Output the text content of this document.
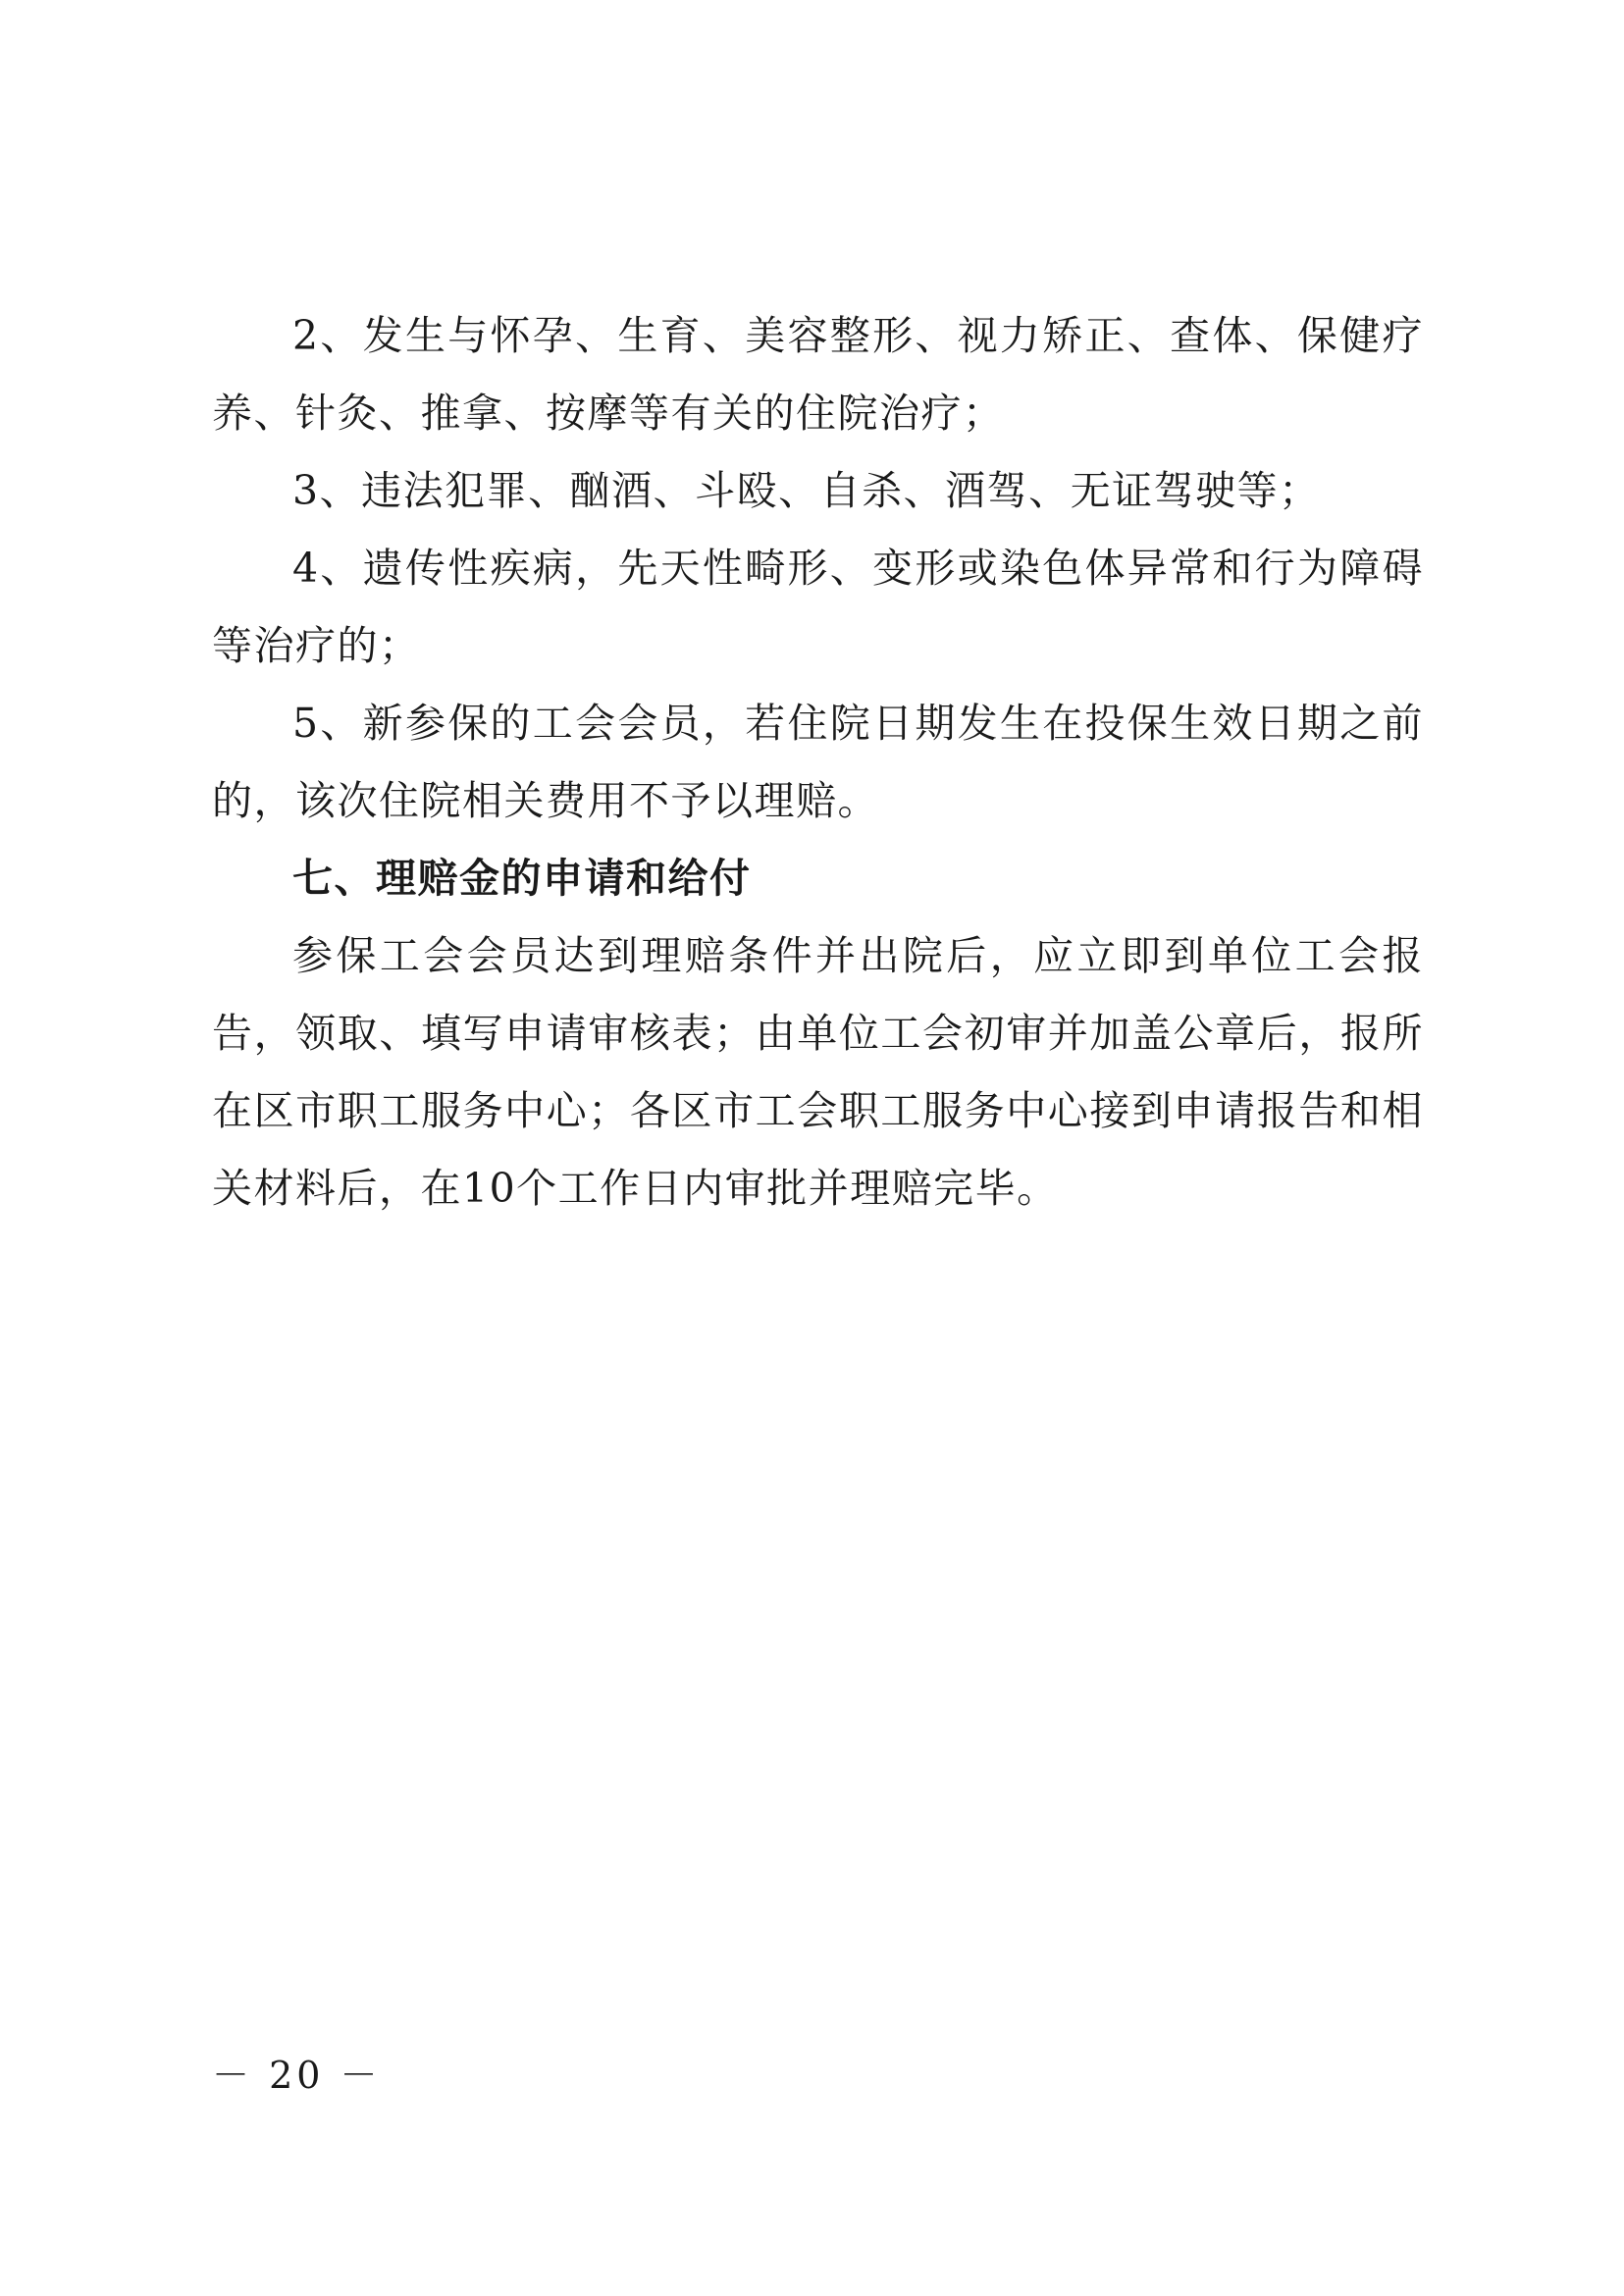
2、发生与怀孕、生育、美容整形、视力矫正、查体、保健疗养、针灸、推拿、按摩等有关的住院治疗；

3、违法犯罪、酗酒、斗殴、自杀、酒驾、无证驾驶等；

4、遗传性疾病，先天性畸形、变形或染色体异常和行为障碍等治疗的；

5、新参保的工会会员，若住院日期发生在投保生效日期之前的，该次住院相关费用不予以理赔。

七、理赔金的申请和给付

参保工会会员达到理赔条件并出院后，应立即到单位工会报告，领取、填写申请审核表；由单位工会初审并加盖公章后，报所在区市职工服务中心；各区市工会职工服务中心接到申请报告和相关材料后，在10个工作日内审批并理赔完毕。

－ 20 －
